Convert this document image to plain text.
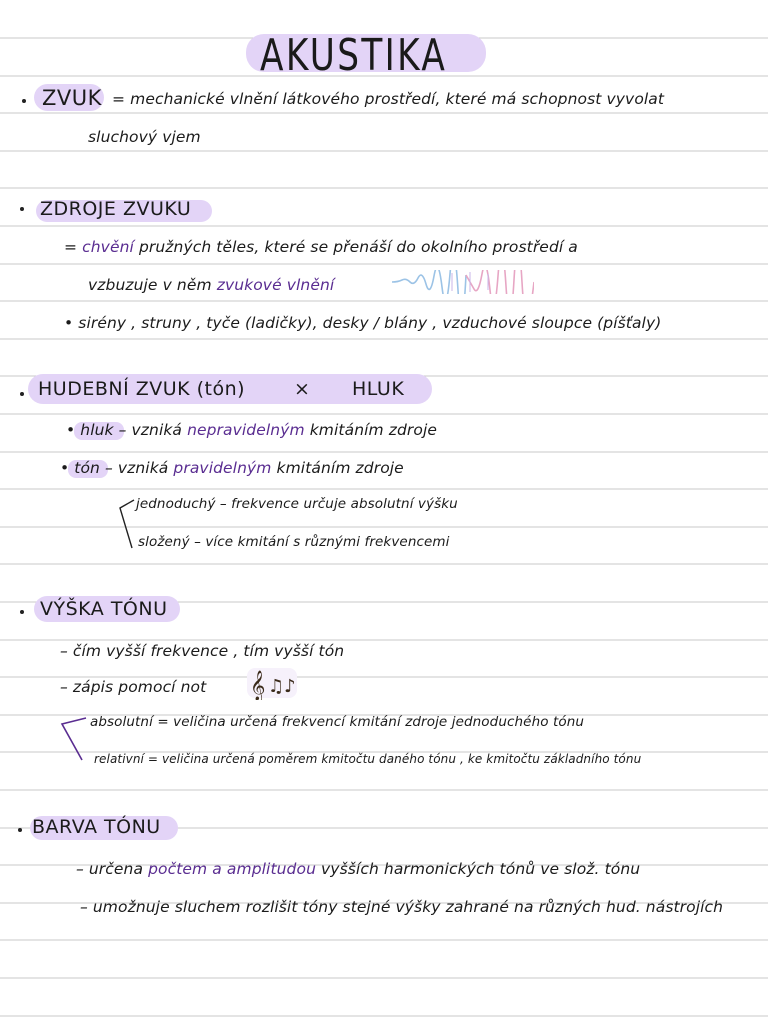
AKUSTIKA
ZVUK = mechanické vlnění látkového prostředí, které má schopnost vyvolat
sluchový vjem
ZDROJE ZVUKU
= chvění pružných těles, které se přenáší do okolního prostředí a
vzbuzuje v něm zvukové vlnění
• sirény , struny , tyče (ladičky), desky / blány , vzduchové sloupce (píšťaly)
HUDEBNÍ ZVUK (tón)	× HLUK
• hluk – vzniká nepravidelným kmitáním zdroje
• tón – vzniká pravidelným kmitáním zdroje
jednoduchý – frekvence určuje absolutní výšku
složený – více kmitání s různými frekvencemi
VÝŠKA TÓNU
– čím vyšší frekvence , tím vyšší tón
– zápis pomocí not 𝄞 ♫♪
absolutní = veličina určená frekvencí kmitání zdroje jednoduchého tónu
relativní = veličina určená poměrem kmitočtu daného tónu , ke kmitočtu základního tónu
BARVA TÓNU
– určena počtem a amplitudou vyšších harmonických tónů ve slož. tónu
– umožnuje sluchem rozlišit tóny stejné výšky zahrané na různých hud. nástrojích
